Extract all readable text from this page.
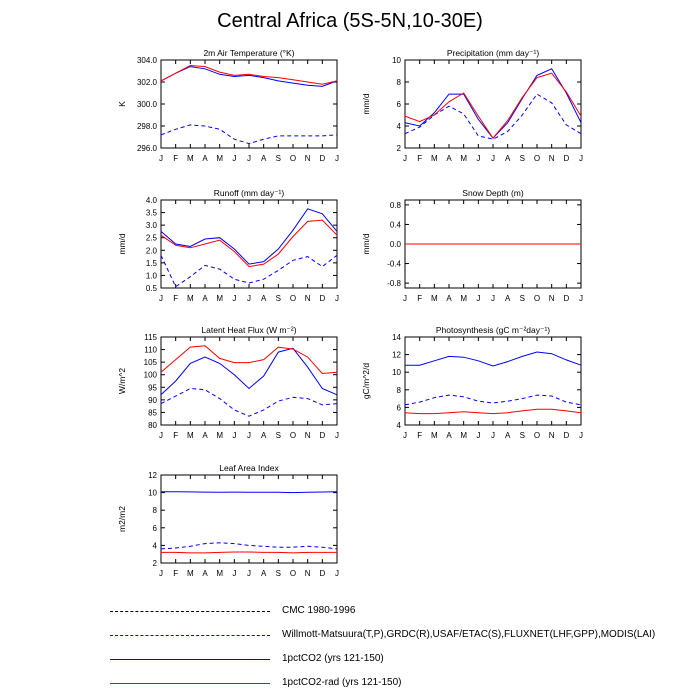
Central Africa (5S-5N,10-30E)
2m Air Temperature (°K)
K
296.0
298.0
300.0
302.0
304.0
J F M A M J J A S O N D J
Precipitation (mm day⁻¹)
mm/d
2
4
6
8
10
J F M A M J J A S O N D J
Runoff (mm day⁻¹)
mm/d
0.5
1.0
1.5
2.0
2.5
3.0
3.5
4.0
J F M A M J J A S O N D J
Snow Depth (m)
mm/d
-0.8
-0.4
0.0
0.4
0.8
J F M A M J J A S O N D J
Latent Heat Flux (W m⁻²)
W/m^2
80
85
90
95
100
105
110
115
J F M A M J J A S O N D J
Photosynthesis (gC m⁻²day⁻¹)
gC/m^2/d
4
6
8
10
12
14
J F M A M J J A S O N D J
Leaf Area Index
m2/m2
2
4
6
8
10
12
J F M A M J J A S O N D J
CMC 1980-1996
Willmott-Matsuura(T,P),GRDC(R),USAF/ETAC(S),FLUXNET(LHF,GPP),MODIS(LAI)
1pctCO2 (yrs 121-150)
1pctCO2-rad (yrs 121-150)
